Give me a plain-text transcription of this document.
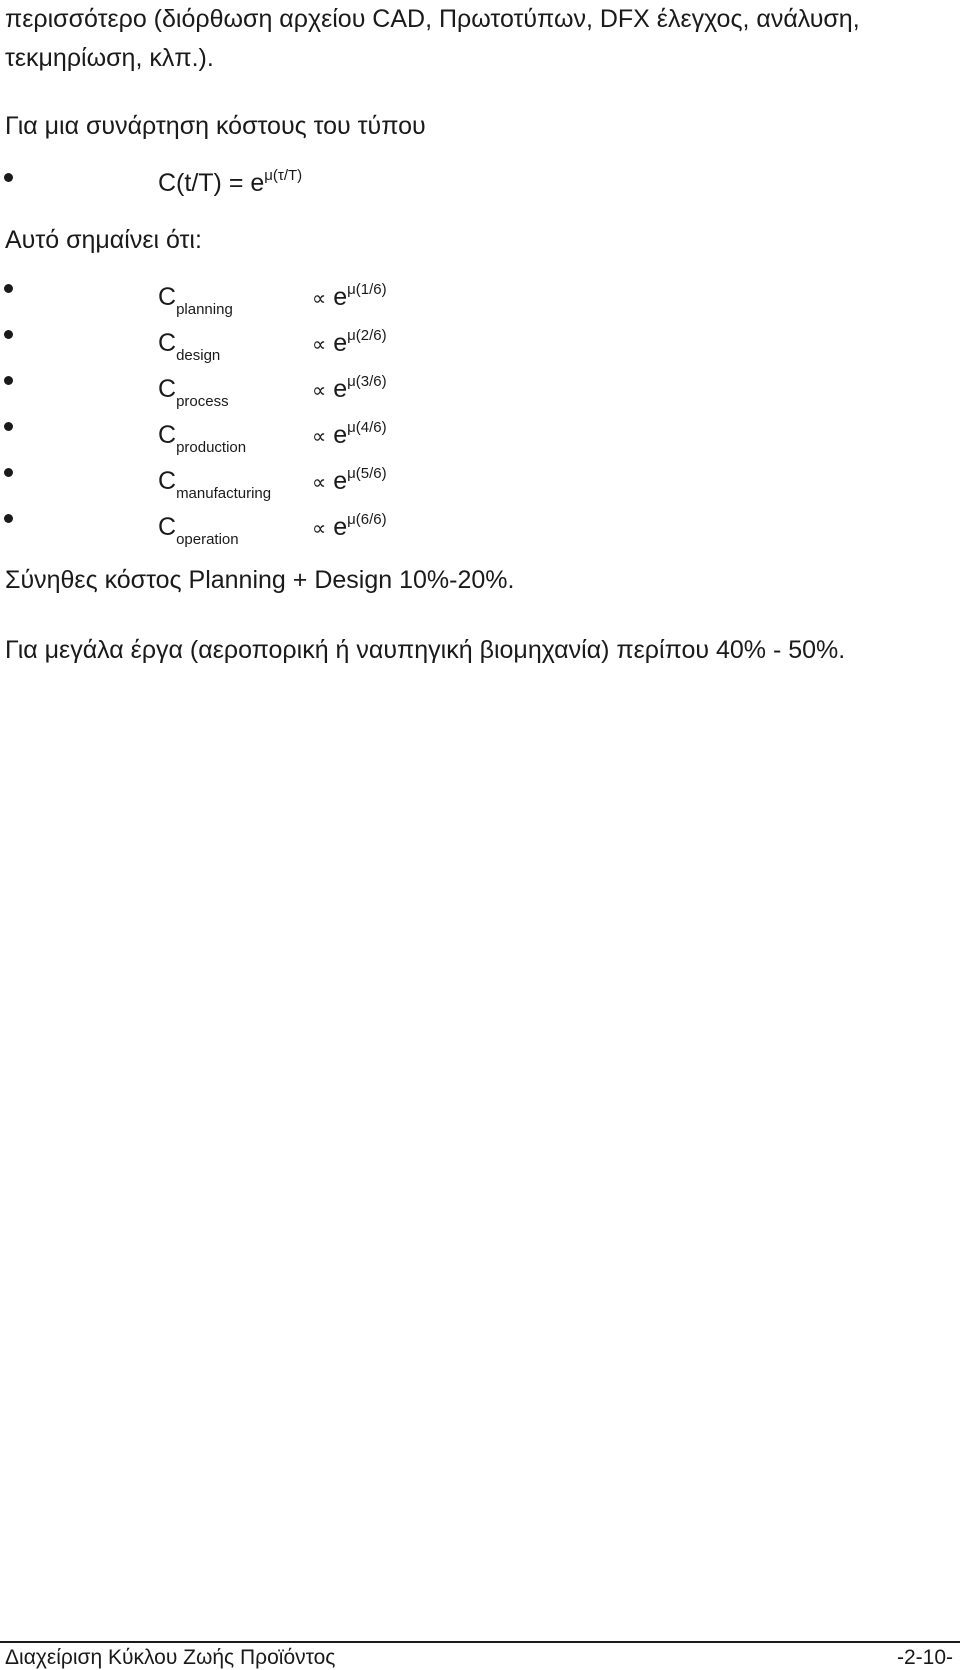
περισσότερο (διόρθωση αρχείου CAD, Πρωτοτύπων, DFX έλεγχος, ανάλυση,
τεκμηρίωση, κλπ.).
Για μια συνάρτηση κόστους του τύπου
$C(t/T) = e^{\mu(\tau/T)}$
Αυτό σημαίνει ότι:
$C_{planning}$	∝ $e^{\mu(1/6)}$
$C_{design}$	∝ $e^{\mu(2/6)}$
$C_{process}$	∝ $e^{\mu(3/6)}$
$C_{production}$	∝ $e^{\mu(4/6)}$
$C_{manufacturing} \propto e^{\mu(5/6)}$
$C_{operation}$	∝ $e^{\mu(6/6)}$
Σύνηθες κόστος Planning + Design 10%-20%.
Για μεγάλα έργα (αεροπορική ή ναυπηγική βιομηχανία) περίπου 40% - 50%.
Διαχείριση Κύκλου Ζωής Προϊόντος	-2-10-
